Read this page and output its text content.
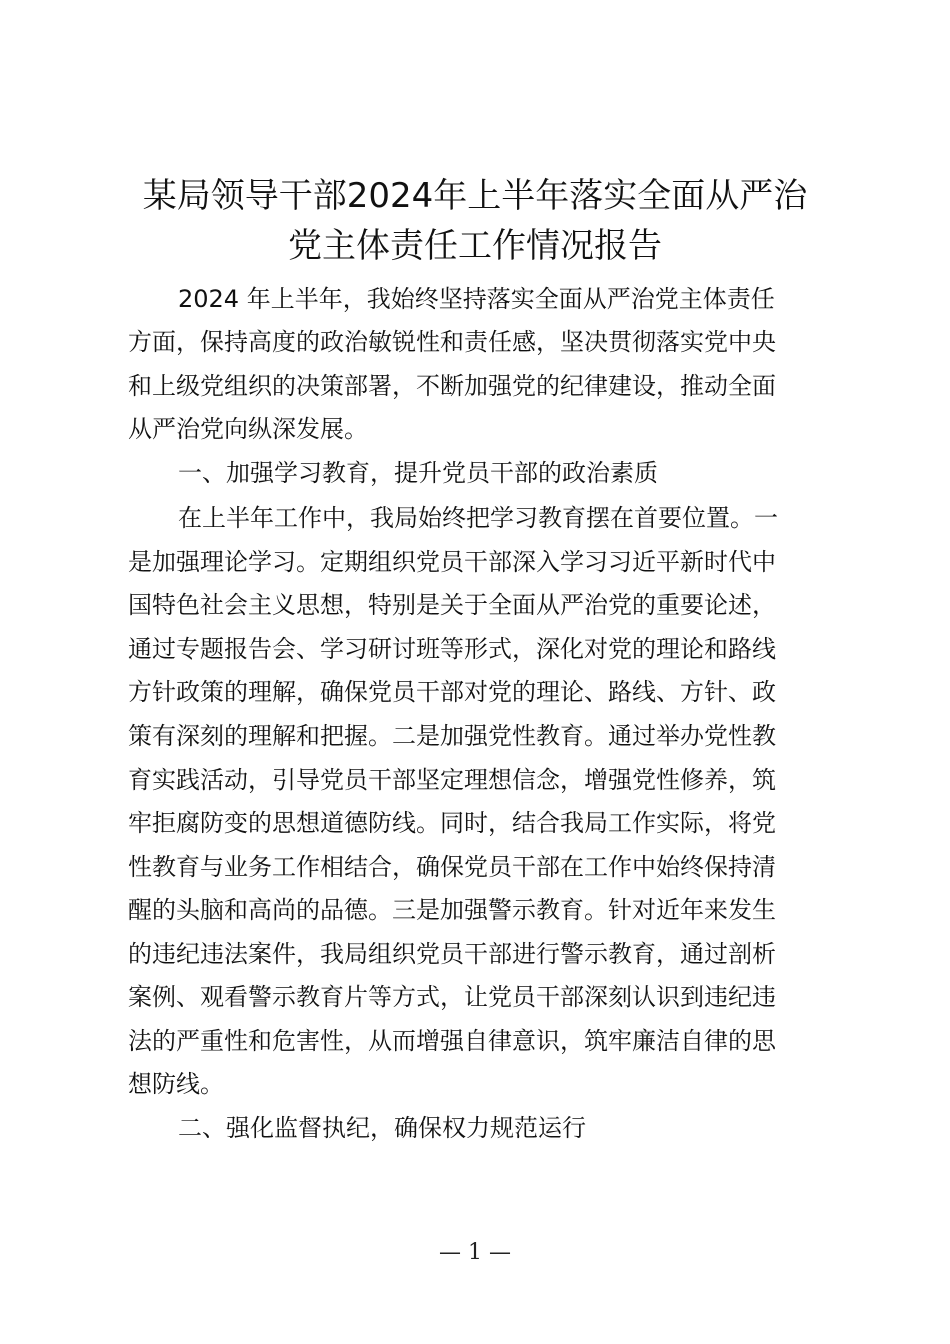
某局领导干部2024年上半年落实全面从严治
党主体责任工作情况报告
2024 年上半年，我始终坚持落实全面从严治党主体责任
方面，保持高度的政治敏锐性和责任感，坚决贯彻落实党中央
和上级党组织的决策部署，不断加强党的纪律建设，推动全面
从严治党向纵深发展。
一、加强学习教育，提升党员干部的政治素质
在上半年工作中，我局始终把学习教育摆在首要位置。一
是加强理论学习。定期组织党员干部深入学习习近平新时代中
国特色社会主义思想，特别是关于全面从严治党的重要论述，
通过专题报告会、学习研讨班等形式，深化对党的理论和路线
方针政策的理解，确保党员干部对党的理论、路线、方针、政
策有深刻的理解和把握。二是加强党性教育。通过举办党性教
育实践活动，引导党员干部坚定理想信念，增强党性修养，筑
牢拒腐防变的思想道德防线。同时，结合我局工作实际，将党
性教育与业务工作相结合，确保党员干部在工作中始终保持清
醒的头脑和高尚的品德。三是加强警示教育。针对近年来发生
的违纪违法案件，我局组织党员干部进行警示教育，通过剖析
案例、观看警示教育片等方式，让党员干部深刻认识到违纪违
法的严重性和危害性，从而增强自律意识，筑牢廉洁自律的思
想防线。
二、强化监督执纪，确保权力规范运行
— 1 —
